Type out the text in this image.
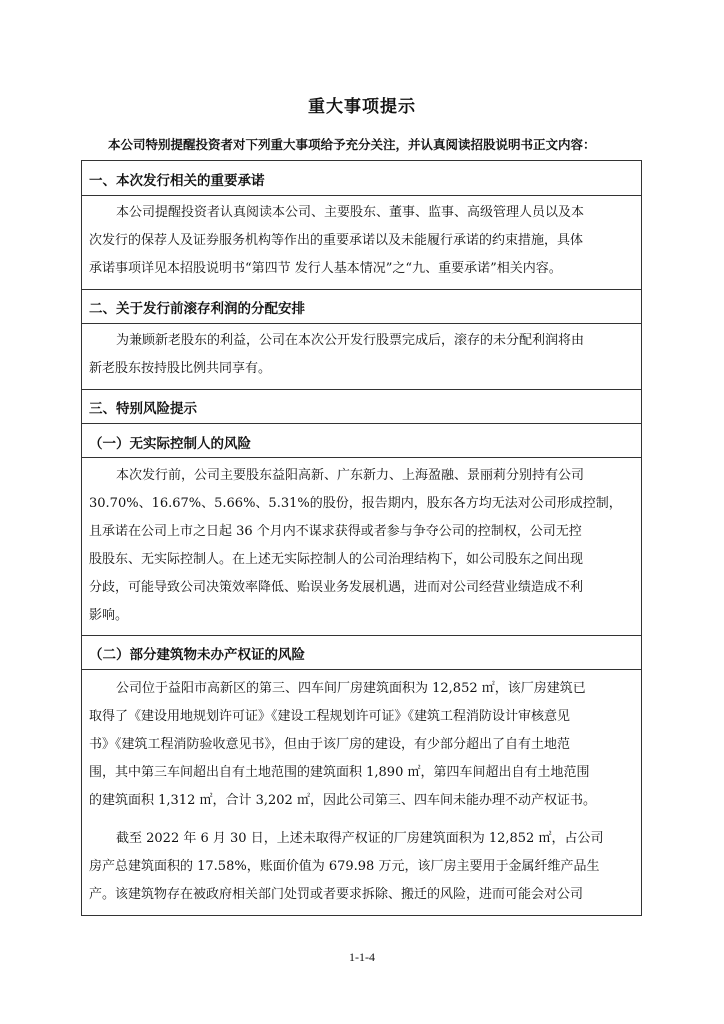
重大事项提示
本公司特别提醒投资者对下列重大事项给予充分关注，并认真阅读招股说明书正文内容：
一、本次发行相关的重要承诺
本公司提醒投资者认真阅读本公司、主要股东、董事、监事、高级管理人员以及本
次发行的保荐人及证券服务机构等作出的重要承诺以及未能履行承诺的约束措施，具体
承诺事项详见本招股说明书“第四节 发行人基本情况”之“九、重要承诺”相关内容。
二、关于发行前滚存利润的分配安排
为兼顾新老股东的利益，公司在本次公开发行股票完成后，滚存的未分配利润将由
新老股东按持股比例共同享有。
三、特别风险提示
（一）无实际控制人的风险
本次发行前，公司主要股东益阳高新、广东新力、上海盈融、景丽莉分别持有公司
30.70%、16.67%、5.66%、5.31%的股份，报告期内，股东各方均无法对公司形成控制，
且承诺在公司上市之日起 36 个月内不谋求获得或者参与争夺公司的控制权，公司无控
股股东、无实际控制人。在上述无实际控制人的公司治理结构下，如公司股东之间出现
分歧，可能导致公司决策效率降低、贻误业务发展机遇，进而对公司经营业绩造成不利
影响。
（二）部分建筑物未办产权证的风险
公司位于益阳市高新区的第三、四车间厂房建筑面积为 12,852 ㎡，该厂房建筑已
取得了《建设用地规划许可证》《建设工程规划许可证》《建筑工程消防设计审核意见
书》《建筑工程消防验收意见书》，但由于该厂房的建设，有少部分超出了自有土地范
围，其中第三车间超出自有土地范围的建筑面积 1,890 ㎡，第四车间超出自有土地范围
的建筑面积 1,312 ㎡，合计 3,202 ㎡，因此公司第三、四车间未能办理不动产权证书。
截至 2022 年 6 月 30 日，上述未取得产权证的厂房建筑面积为 12,852 ㎡，占公司
房产总建筑面积的 17.58%，账面价值为 679.98 万元，该厂房主要用于金属纤维产品生
产。该建筑物存在被政府相关部门处罚或者要求拆除、搬迁的风险，进而可能会对公司
1-1-4
